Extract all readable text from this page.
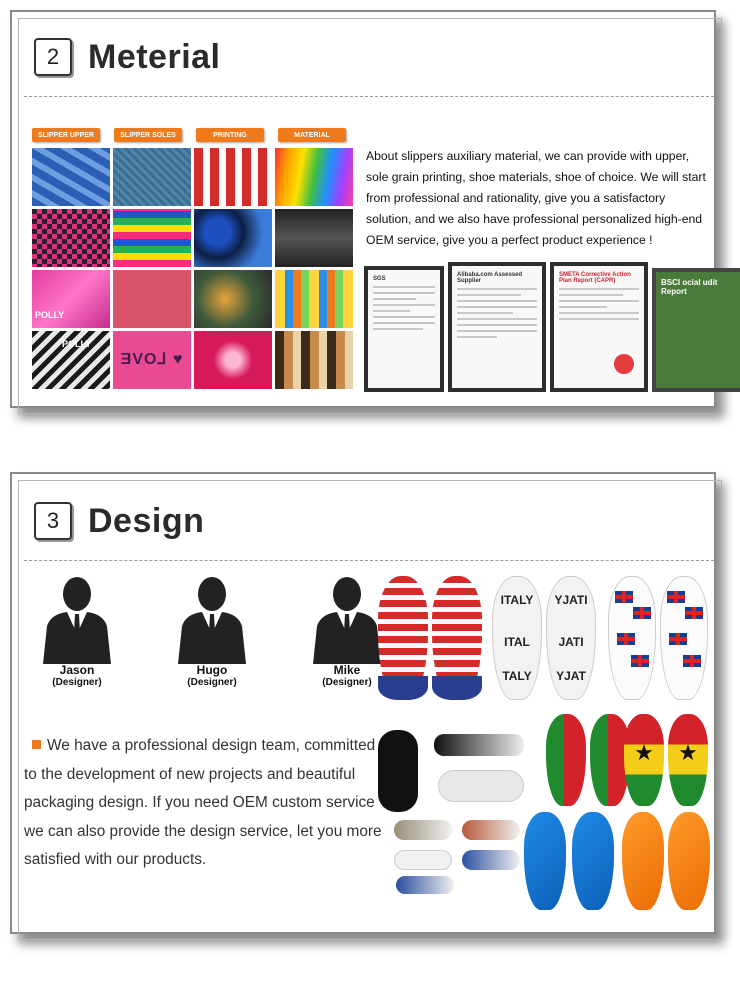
2 Meterial
SLIPPER UPPER	SLIPPER SOLES	PRINTING	MATERIAL
POLLY
POLLY
ƎVO⅃ ♥

About slippers auxiliary material, we can provide with upper, sole grain printing, shoe materials, shoe of choice. We will start from professional and rationality, give you a satisfactory solution, and we also have professional personalized high-end OEM service, give you a perfect product experience !

SGS
Alibaba.com Assessed Supplier
SMETA Corrective Action Plan Report (CAPR)	BSCI ocial udit Report
3 Design
Jason
(Designer)
Hugo
(Designer)
Mike
(Designer)

We have a professional design team, committed to the development of new projects and beautiful packaging design. If you need OEM custom service we can also provide the design service, let you more satisfied with our products.

ITALY
ITAL
TALY
YJATI
JATI
YJAT
★ ★
